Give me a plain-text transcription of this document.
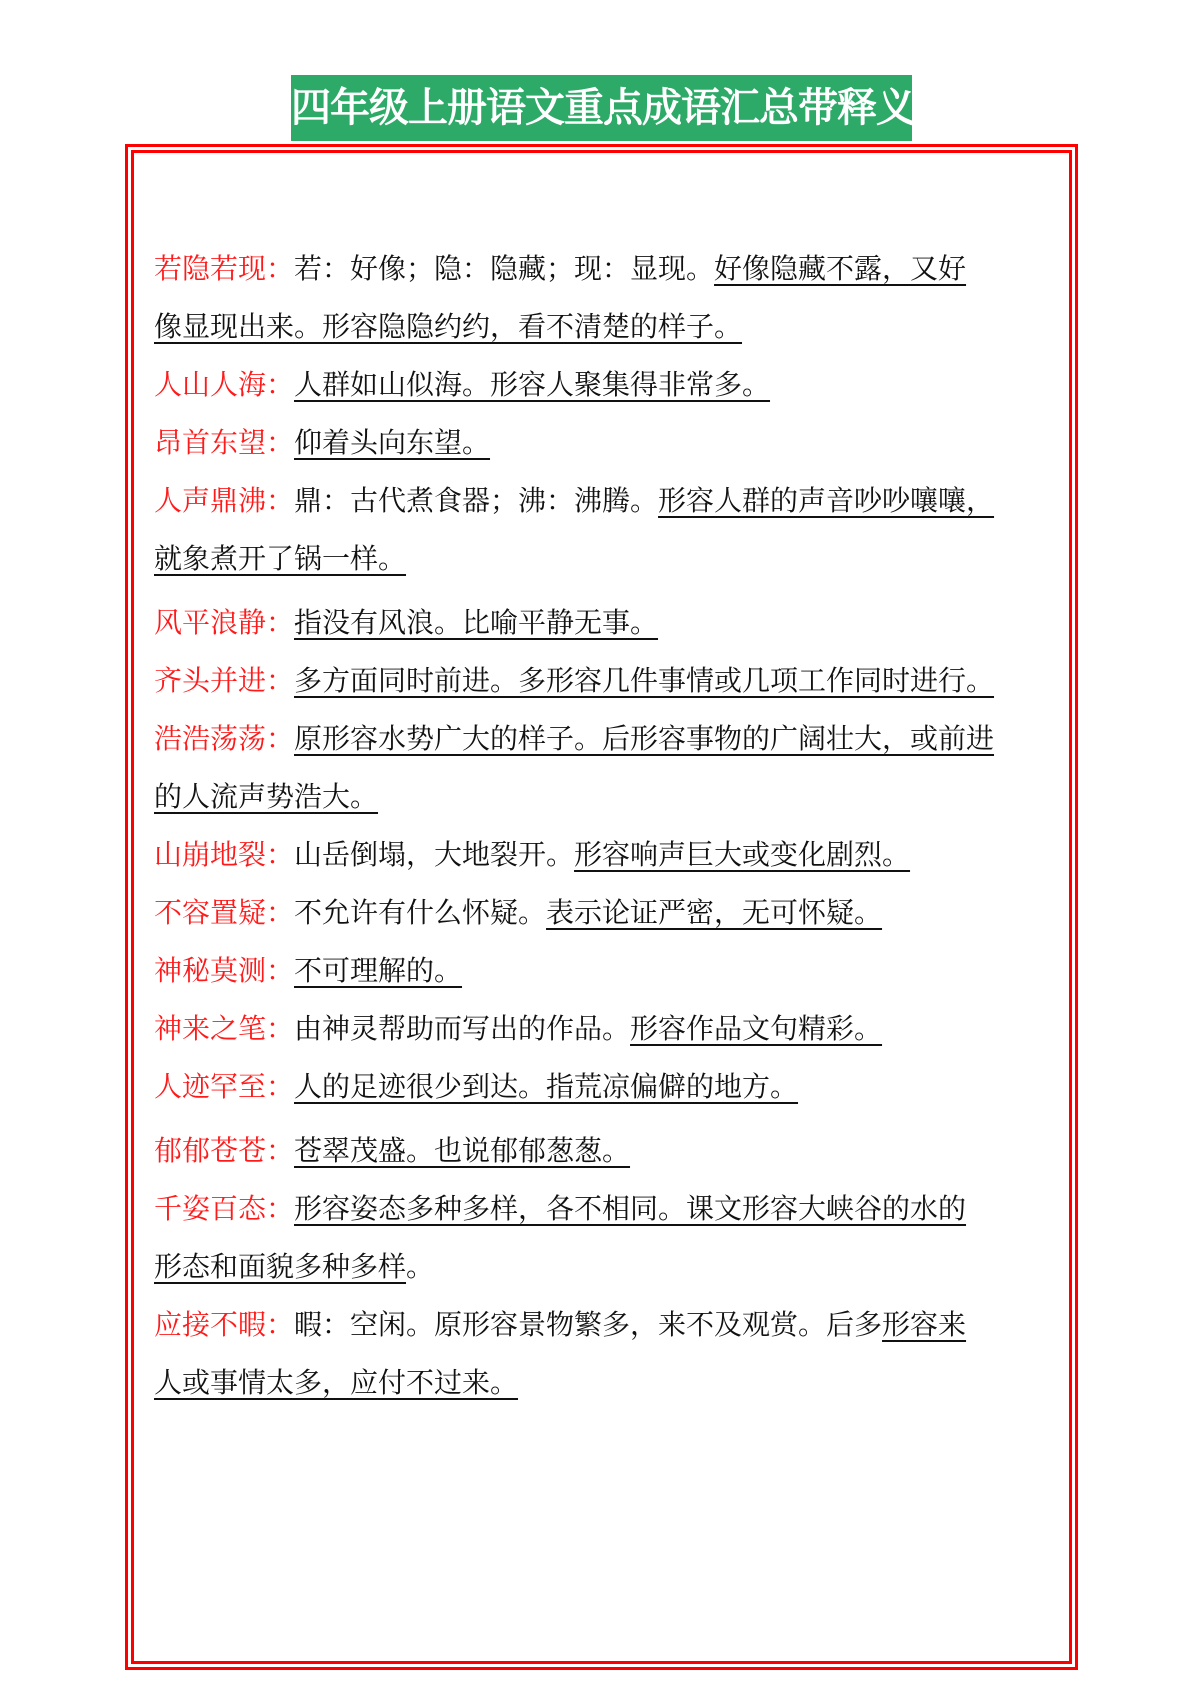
四年级上册语文重点成语汇总带释义
若隐若现：若：好像；隐：隐藏；现：显现。好像隐藏不露，又好
像显现出来。形容隐隐约约，看不清楚的样子。
人山人海：人群如山似海。形容人聚集得非常多。
昂首东望：仰着头向东望。
人声鼎沸：鼎：古代煮食器；沸：沸腾。形容人群的声音吵吵嚷嚷，
就象煮开了锅一样。
风平浪静：指没有风浪。比喻平静无事。
齐头并进：多方面同时前进。多形容几件事情或几项工作同时进行。
浩浩荡荡：原形容水势广大的样子。后形容事物的广阔壮大，或前进
的人流声势浩大。
山崩地裂：山岳倒塌，大地裂开。形容响声巨大或变化剧烈。
不容置疑：不允许有什么怀疑。表示论证严密，无可怀疑。
神秘莫测：不可理解的。
神来之笔：由神灵帮助而写出的作品。形容作品文句精彩。
人迹罕至：人的足迹很少到达。指荒凉偏僻的地方。
郁郁苍苍：苍翠茂盛。也说郁郁葱葱。
千姿百态：形容姿态多种多样，各不相同。课文形容大峡谷的水的
形态和面貌多种多样。
应接不暇：暇：空闲。原形容景物繁多，来不及观赏。后多形容来
人或事情太多，应付不过来。
